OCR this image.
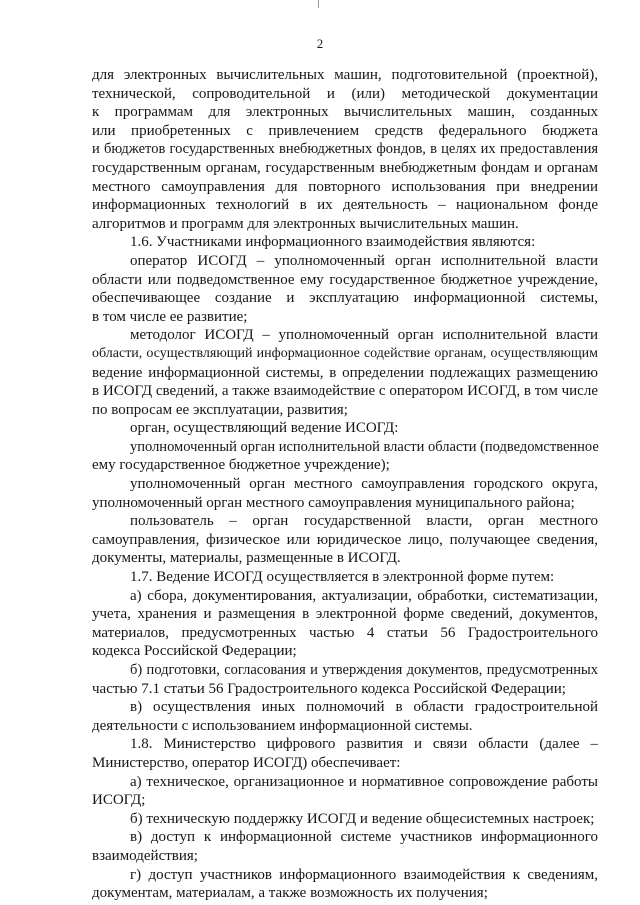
2
для электронных вычислительных машин, подготовительной (проектной),
технической, сопроводительной и (или) методической документации
к программам для электронных вычислительных машин, созданных
или приобретенных с привлечением средств федерального бюджета
и бюджетов государственных внебюджетных фондов, в целях их предоставления
государственным органам, государственным внебюджетным фондам и органам
местного самоуправления для повторного использования при внедрении
информационных технологий в их деятельность – национальном фонде
алгоритмов и программ для электронных вычислительных машин.
1.6. Участниками информационного взаимодействия являются:
оператор ИСОГД – уполномоченный орган исполнительной власти
области или подведомственное ему государственное бюджетное учреждение,
обеспечивающее создание и эксплуатацию информационной системы,
в том числе ее развитие;
методолог ИСОГД – уполномоченный орган исполнительной власти
области, осуществляющий информационное содействие органам, осуществляющим
ведение информационной системы, в определении подлежащих размещению
в ИСОГД сведений, а также взаимодействие с оператором ИСОГД, в том числе
по вопросам ее эксплуатации, развития;
орган, осуществляющий ведение ИСОГД:
уполномоченный орган исполнительной власти области (подведомственное
ему государственное бюджетное учреждение);
уполномоченный орган местного самоуправления городского округа,
уполномоченный орган местного самоуправления муниципального района;
пользователь – орган государственной власти, орган местного
самоуправления, физическое или юридическое лицо, получающее сведения,
документы, материалы, размещенные в ИСОГД.
1.7. Ведение ИСОГД осуществляется в электронной форме путем:
а) сбора, документирования, актуализации, обработки, систематизации,
учета, хранения и размещения в электронной форме сведений, документов,
материалов, предусмотренных частью 4 статьи 56 Градостроительного
кодекса Российской Федерации;
б) подготовки, согласования и утверждения документов, предусмотренных
частью 7.1 статьи 56 Градостроительного кодекса Российской Федерации;
в) осуществления иных полномочий в области градостроительной
деятельности с использованием информационной системы.
1.8. Министерство цифрового развития и связи области (далее –
Министерство, оператор ИСОГД) обеспечивает:
а) техническое, организационное и нормативное сопровождение работы
ИСОГД;
б) техническую поддержку ИСОГД и ведение общесистемных настроек;
в) доступ к информационной системе участников информационного
взаимодействия;
г) доступ участников информационного взаимодействия к сведениям,
документам, материалам, а также возможность их получения;
